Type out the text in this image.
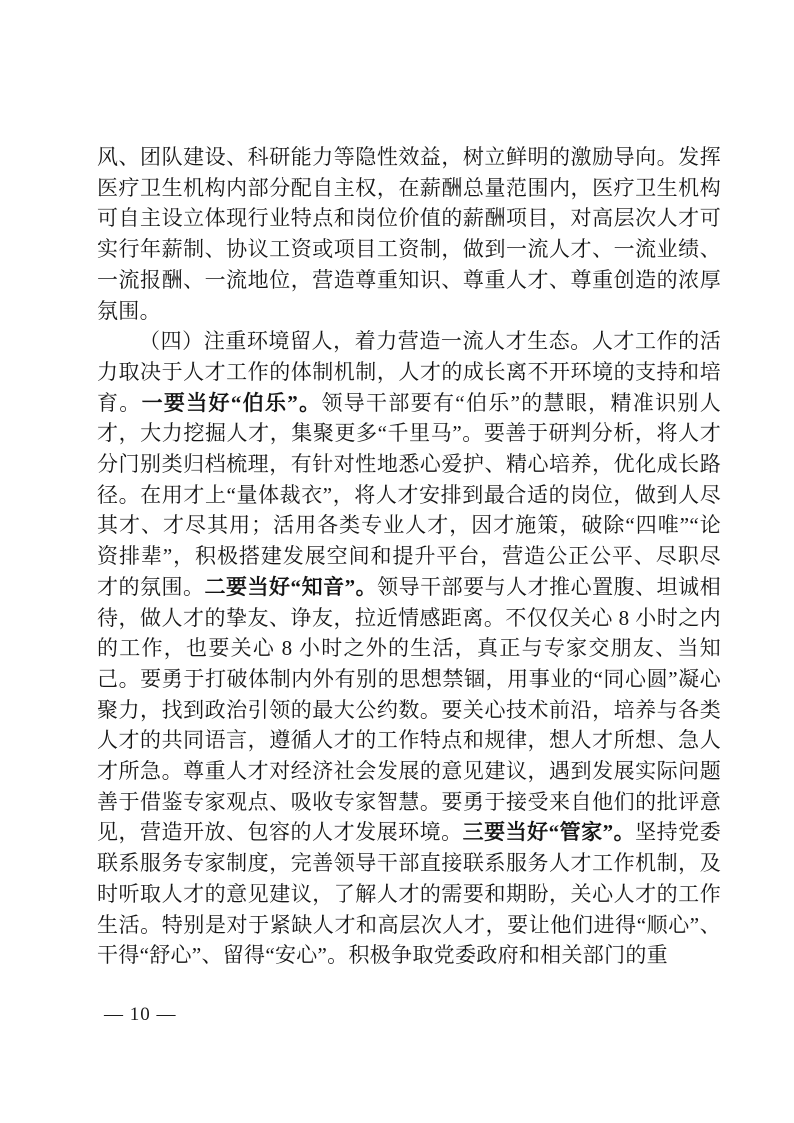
风、团队建设、科研能力等隐性效益，树立鲜明的激励导向。发挥医疗卫生机构内部分配自主权，在薪酬总量范围内，医疗卫生机构可自主设立体现行业特点和岗位价值的薪酬项目，对高层次人才可实行年薪制、协议工资或项目工资制，做到一流人才、一流业绩、一流报酬、一流地位，营造尊重知识、尊重人才、尊重创造的浓厚氛围。

（四）注重环境留人，着力营造一流人才生态。人才工作的活力取决于人才工作的体制机制，人才的成长离不开环境的支持和培育。一要当好“伯乐”。领导干部要有“伯乐”的慧眼，精准识别人才，大力挖掘人才，集聚更多“千里马”。要善于研判分析，将人才分门别类归档梳理，有针对性地悉心爱护、精心培养，优化成长路径。在用才上“量体裁衣”，将人才安排到最合适的岗位，做到人尽其才、才尽其用；活用各类专业人才，因才施策，破除“四唯”“论资排辈”，积极搭建发展空间和提升平台，营造公正公平、尽职尽才的氛围。二要当好“知音”。领导干部要与人才推心置腹、坦诚相待，做人才的挚友、诤友，拉近情感距离。不仅仅关心 8 小时之内的工作，也要关心 8 小时之外的生活，真正与专家交朋友、当知己。要勇于打破体制内外有别的思想禁锢，用事业的“同心圆”凝心聚力，找到政治引领的最大公约数。要关心技术前沿，培养与各类人才的共同语言，遵循人才的工作特点和规律，想人才所想、急人才所急。尊重人才对经济社会发展的意见建议，遇到发展实际问题善于借鉴专家观点、吸收专家智慧。要勇于接受来自他们的批评意见，营造开放、包容的人才发展环境。三要当好“管家”。坚持党委联系服务专家制度，完善领导干部直接联系服务人才工作机制，及时听取人才的意见建议，了解人才的需要和期盼，关心人才的工作生活。特别是对于紧缺人才和高层次人才，要让他们进得“顺心”、干得“舒心”、留得“安心”。积极争取党委政府和相关部门的重

— 10 —
